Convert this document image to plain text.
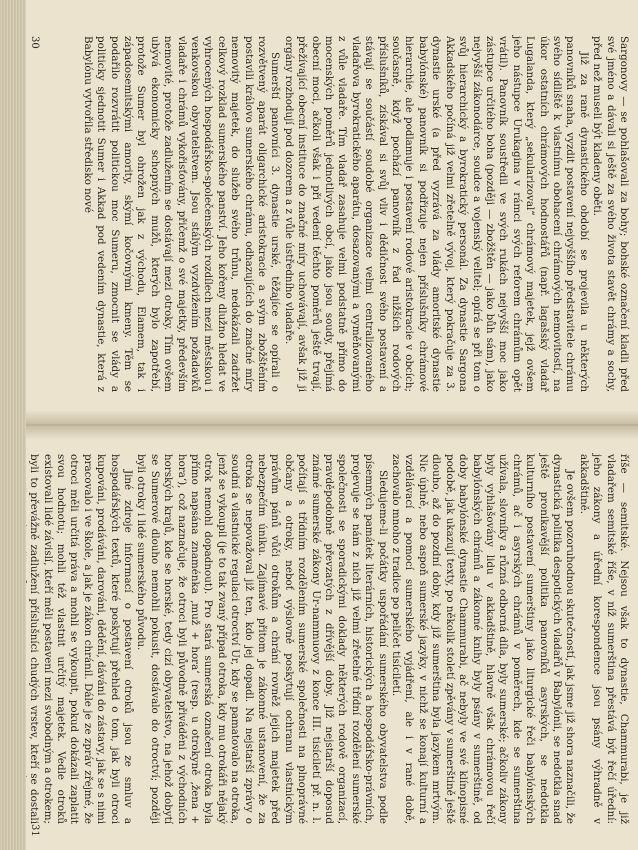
Sargonovy — se pohlašovali za bohy; bohské označení kladli před své jméno a dávali si ještě za svého života stavět chrámy a sochy, před než museli být kladeny oběti.

Již za raně dynastického období se projevila u některých panovníků snaha, vyzdit postavení nejvyššího představitele chrámu svého sídliště k vlastnímu obohacení chrámových nemovitostí, na úkor ostatních chrámových hodnostářů (např. lagašský vladař Lugalanda, který „sekularizoval“ chrámový majetek, jejž ovšem jeho nástupce Urukagina v rámci svých reforem chrámům opět vrátil). Panovník soustředil ve svých rukách nejvyšší moc jako zástupce určitého boha (později — zbožštěn — jako bůh sám), jako nejvyšší zákonodárce, soudce a vojenský velitel; opírá se při tom o svůj hierarchický a byrokratický personál. Za dynastie Sargona Akkadského počíná již velmi zřetelně vývoj, který pokračuje za 3. dynastie urské (a před vyzrává za vlády amoritské dynastie babylónské) panovník si podřizuje nejen příslušníky chrámové hierarchie, ale podlamuje i postavení rodové aristokracie v obcích; současně, když pochází panovník z řad nižších rodových příslušníků, získával si svůj vliv i dědičnost svého postavení a stávají se součástí soudobé organizace velmi centralizovaného vladařova byrokratického aparátu, dosazovanými a vyměňovanými z vůle vladaře. Tím vladař zasahuje velmi podstatně přímo do mocenských poměrů jednotlivých obcí, jako jsou soudy, přejímá obecní moci, ačkoli však i při vedení těchto poměrů ještě trvají, přežívající obecní instituce do značné míry uchovávají, avšak již ji orgány rozhodují pod dozorem a z vůle ústředního vladaře.

Sumerští panovníci 3. dynastie urské, těžajíce se opírali o rozvětvený aparát oligarchické aristokracie a svým zbožštěním postavili královo sumerského chrámu, odhazujících do značné míry nemovitý majetek, do služeb svého trůnu, nedokázali zadržet celkový rozklad sumerského panství. Jeho kořeny dlužno hledat ve vyhrocených hospodářsko-společenských rozdílech mezi městskou i venkovskou obyvatelstvem. Jsou stálým vyzdvižením požadavků vladaře i chrámů vykořisťovány, přičemž o své majetky, především nemovité, protože zadlužením se dostávají mezi otroky. Tím ovšem ubývá ekonomicky schopných mužů, kterých bylo zapotřebí, protože Sumer byl ohrožen jak z východu, Elamem, tak i západosemitskými amority, skýmí kočovnými kmeny. Těm se podařilo rozvrátit politickou moc Sumeru, zmocnit se vlády a politicky sjednotit Sumer i Akkad pod vedením dynastie, která z Babylónu vytvořila středisko nové

30

říše — semitské. Nejsou však to dynastie, Chammurabi, je již vladařem semitské říše, v níž sumerština přestává být řečí úřední: jeho zákony a úřední korespondence jsou psány výhradně v akkadštině.

Je ovšem pozoruhodnou skutečností, jak jsme již shora naznačili, že dynastická politika despotických vladařů v Babylónii, se nedotkla snad ještě pronikavější politika panovníků asyrských, se nedotkla kulturního postavení sumerštiny jako liturgické řeči babylónských chrámů, ač i asyrských chrámů v poměrech, kde se sumerština užívala, slovníky a různá odborná díla, byly sumerské; ačkoliv zákony byly vyhlašovány lidu v akkadštině, hlavně však chrámovou řečí babylónských chrámů a zákonné knihy byly psány v sumerštině, od doby babylónské dynastie Chammurabi, ač nebyly ve své klínopisné podobě, jak ukazují texty, po několik století zpěvány v sumerštině ještě dlouho, až do pozdní doby, kdy již sumerština byla jazykem mrtvým. Nic úplně, nebo aspoň sumerské jazyky, v nichž se konají kulturní a vzdělávací a pomocí sumerského vyjádření, ale i v rané době, zachovalo mnoho z tradice po peličet tisíciletí.

Sledujeme-li počátky uspořádání sumerského obyvatelstva podle písemných památek literárních, historických a hospodářsko-právních, projevuje se nám z nich již velmi zřetelné třídní rozdělení sumerské společnosti se sporadickými doklady některých rodově organizací, pravděpodobně převzatých z dřívější doby. Již nejstarší doposud známé sumerské zákony Ur-nammuovy z konce III. tisíciletí př. n. l. počítají s třídním rozdělením sumerské společnosti na plnoprávné občany a otroky, neboť výslovně poskytují ochranu vlastnickým právům pánů vůči otrokům a chrání rovněž jejich majetek před nebezpečím úniku. Zajímavé přitom je zákonné ustanovení, že za otroka se nepovažoval již ten, kdo jej dopadl. Na nejstarší zprávy o soudní a vlastnické regulaci otroctví Ur, kdy se pamatovalo na otroka, jenž se vykoupil (je to tak zvaný případ otroka, kdy mu otrokáři nějaký otrok nemohl dopadnout). Pro stará sumerská označení otroka byla přímo napsána znaménka ‚muž + hora‘ (resp. u otrokyně ‚žena + hora‘), což naznačuje, že otroci byli původně přiváděni z východních horských krajů, kde se horské, tedy cizí obyvatelstvo, na jehož dobytí se Sumerové dlouho nemohli pokusit, dostávalo do otroctví; později byli otroky i lidé sumerského původu.

Jiné zdroje informací o postavení otroků jsou ze smluv a hospodářských textů, které poskytují přehled o tom, jak byli otroci kupováni, prodáváni, darováni, dědění, dáváni do zástavy, jak se s nimi pracovalo i ve škole, a jak je zákon chránil. Dále je ze zpráv zřejmé, že otroci měli určitá práva a mohli se vykoupit, pokud dokázali zaplatit svou hodnotu; mohli též vlastnit určitý majetek. Vedle otroků existovali lidé závislí, kteří měli postavení mezi svobodným a otrokem; byli to převážně zadlužení příslušníci chudých vrstev, kteří se dostali

31
